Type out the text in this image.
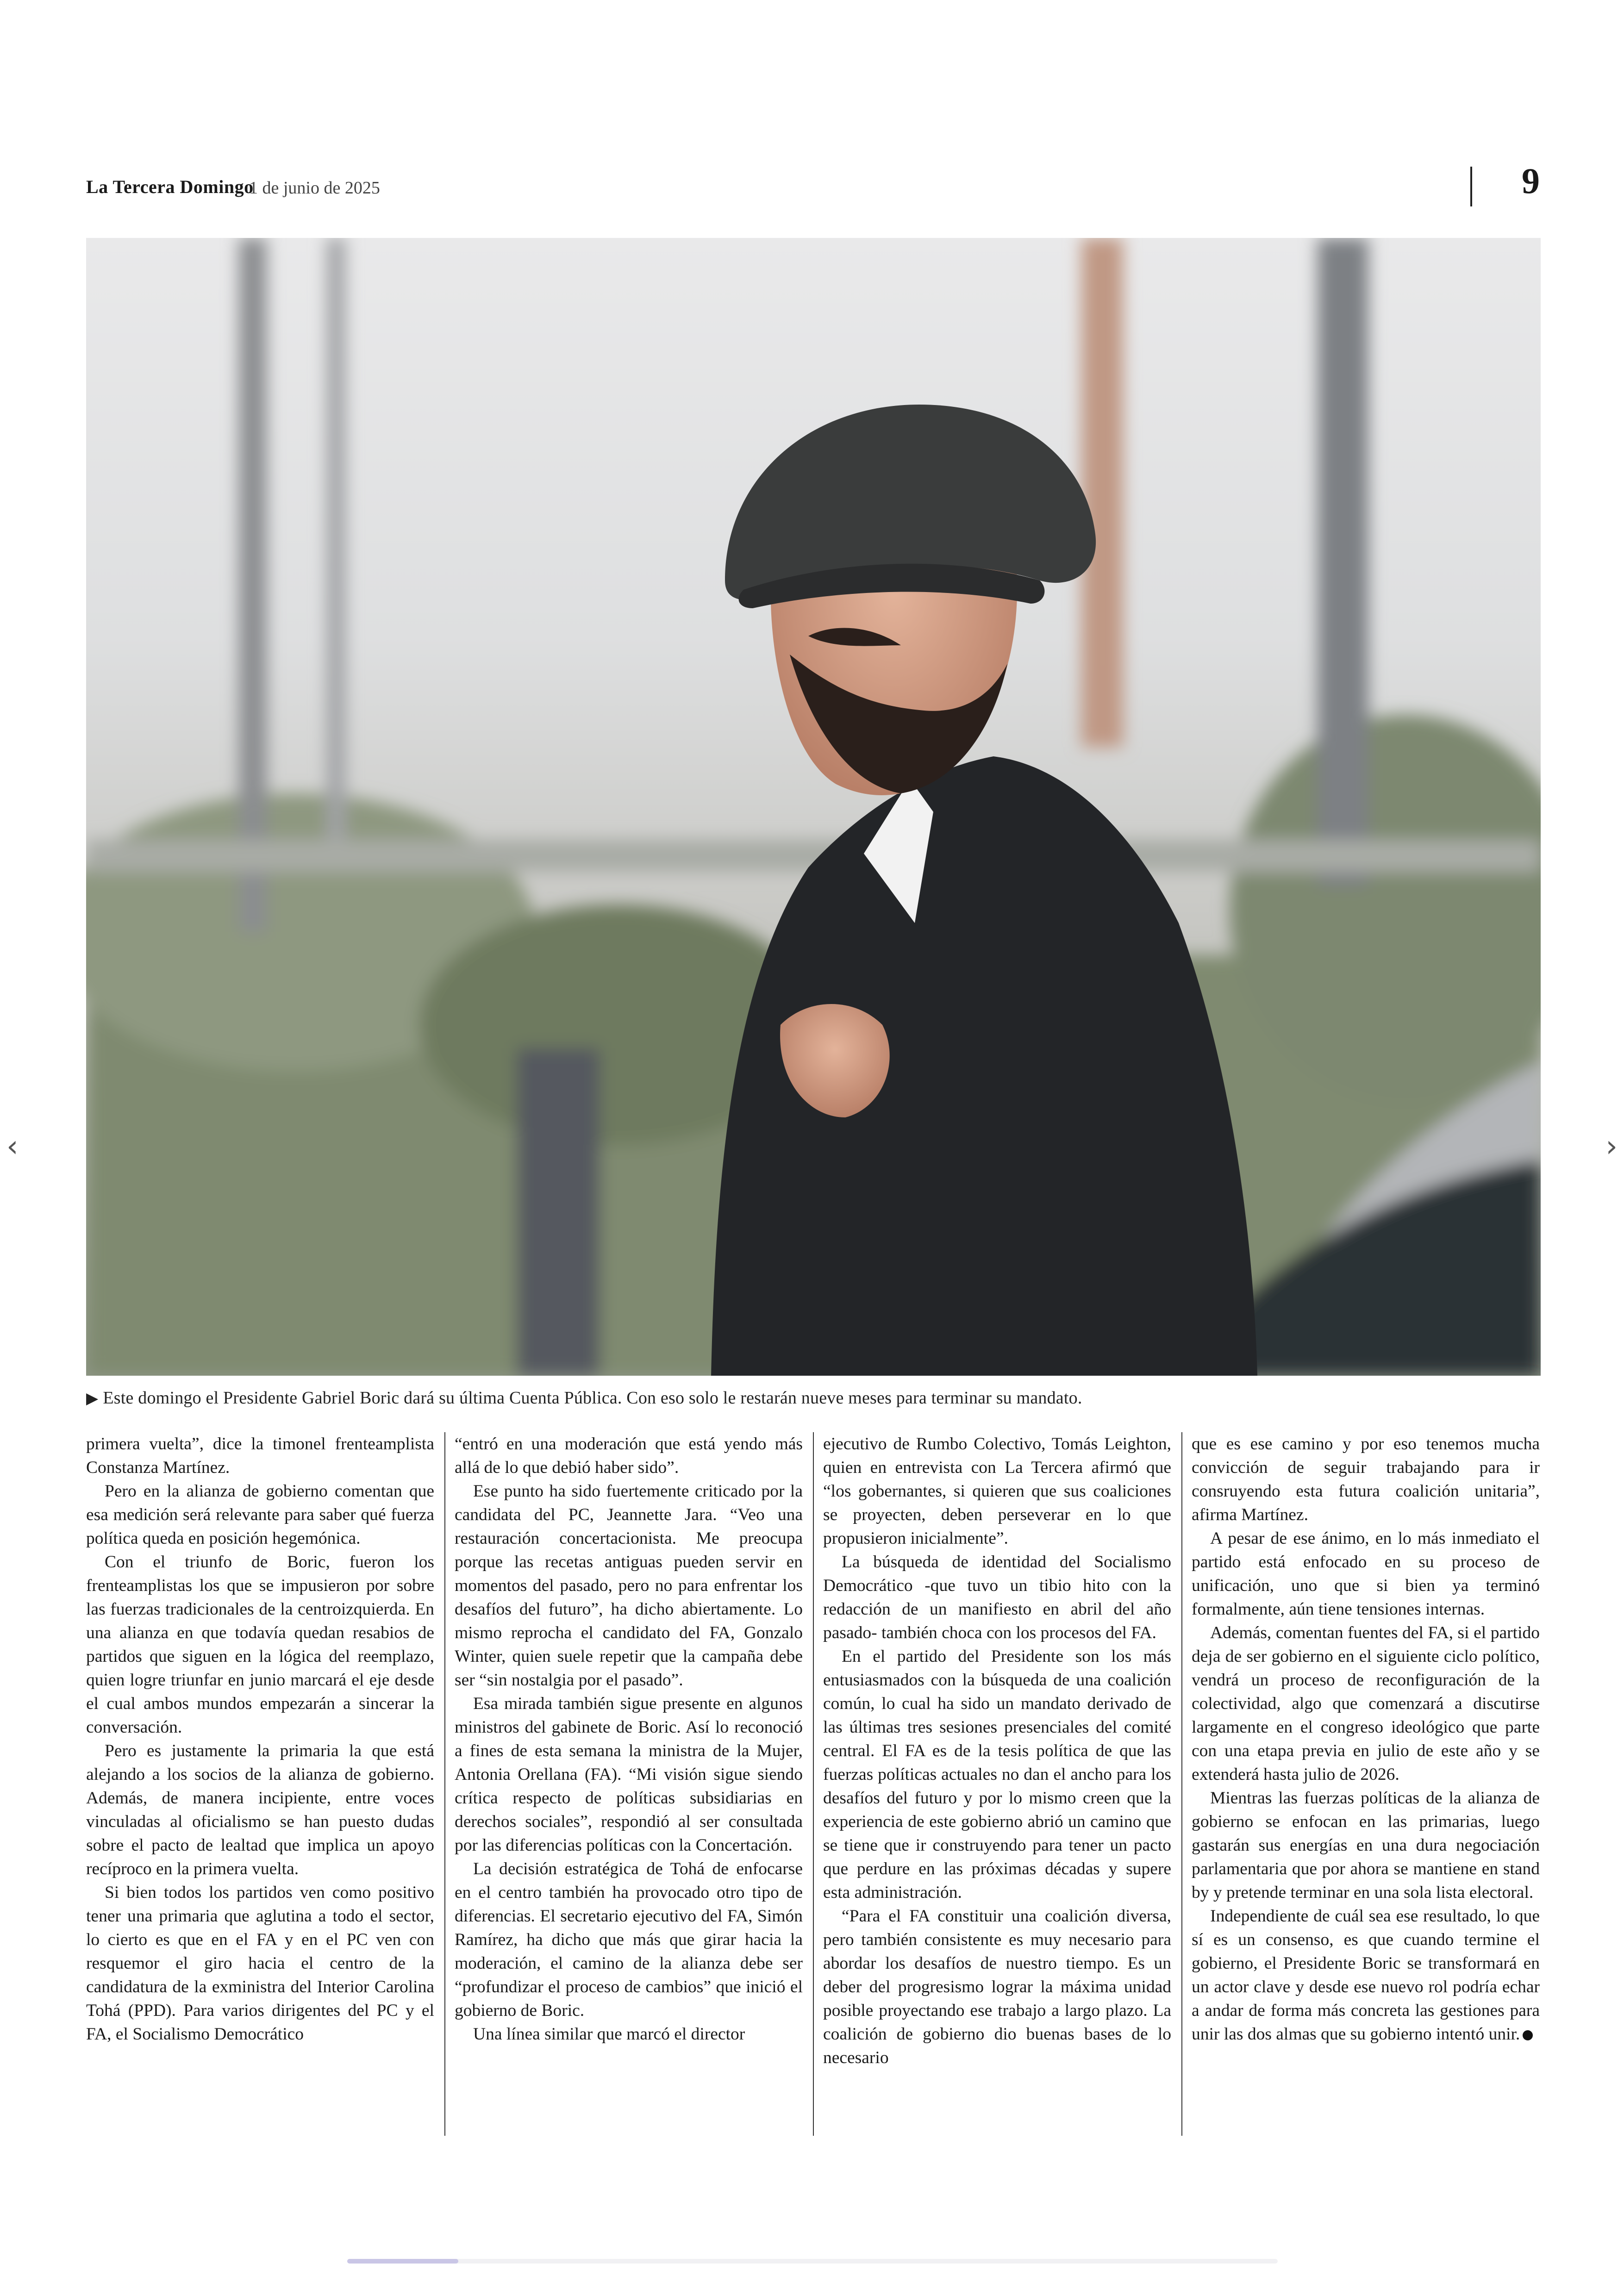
La Tercera Domingo
1 de junio de 2025	9
▶ Este domingo el Presidente Gabriel Boric dará su última Cuenta Pública. Con eso solo le restarán nueve meses para terminar su mandato.

primera vuelta”, dice la timonel frenteamplista Constanza Martínez.

Pero en la alianza de gobierno comentan que esa medición será relevante para saber qué fuerza política queda en posición hegemónica.

Con el triunfo de Boric, fueron los frenteamplistas los que se impusieron por sobre las fuerzas tradicionales de la centroizquierda. En una alianza en que todavía quedan resabios de partidos que siguen en la lógica del reemplazo, quien logre triunfar en junio marcará el eje desde el cual ambos mundos empezarán a sincerar la conversación.

Pero es justamente la primaria la que está alejando a los socios de la alianza de gobierno. Además, de manera incipiente, entre voces vinculadas al oficialismo se han puesto dudas sobre el pacto de lealtad que implica un apoyo recíproco en la primera vuelta.

Si bien todos los partidos ven como positivo tener una primaria que aglutina a todo el sector, lo cierto es que en el FA y en el PC ven con resquemor el giro hacia el centro de la candidatura de la exministra del Interior Carolina Tohá (PPD). Para varios dirigentes del PC y el FA, el Socialismo Democrático

“entró en una moderación que está yendo más allá de lo que debió haber sido”.

Ese punto ha sido fuertemente criticado por la candidata del PC, Jeannette Jara. “Veo una restauración concertacionista. Me preocupa porque las recetas antiguas pueden servir en momentos del pasado, pero no para enfrentar los desafíos del futuro”, ha dicho abiertamente. Lo mismo reprocha el candidato del FA, Gonzalo Winter, quien suele repetir que la campaña debe ser “sin nostalgia por el pasado”.

Esa mirada también sigue presente en algunos ministros del gabinete de Boric. Así lo reconoció a fines de esta semana la ministra de la Mujer, Antonia Orellana (FA). “Mi visión sigue siendo crítica respecto de políticas subsidiarias en derechos sociales”, respondió al ser consultada por las diferencias políticas con la Concertación.

La decisión estratégica de Tohá de enfocarse en el centro también ha provocado otro tipo de diferencias. El secretario ejecutivo del FA, Simón Ramírez, ha dicho que más que girar hacia la moderación, el camino de la alianza debe ser “profundizar el proceso de cambios” que inició el gobierno de Boric.

Una línea similar que marcó el director

ejecutivo de Rumbo Colectivo, Tomás Leighton, quien en entrevista con La Tercera afirmó que “los gobernantes, si quieren que sus coaliciones se proyecten, deben perseverar en lo que propusieron inicialmente”.

La búsqueda de identidad del Socialismo Democrático -que tuvo un tibio hito con la redacción de un manifiesto en abril del año pasado- también choca con los procesos del FA.

En el partido del Presidente son los más entusiasmados con la búsqueda de una coalición común, lo cual ha sido un mandato derivado de las últimas tres sesiones presenciales del comité central. El FA es de la tesis política de que las fuerzas políticas actuales no dan el ancho para los desafíos del futuro y por lo mismo creen que la experiencia de este gobierno abrió un camino que se tiene que ir construyendo para tener un pacto que perdure en las próximas décadas y supere esta administración.

“Para el FA constituir una coalición diversa, pero también consistente es muy necesario para abordar los desafíos de nuestro tiempo. Es un deber del progresismo lograr la máxima unidad posible proyectando ese trabajo a largo plazo. La coalición de gobierno dio buenas bases de lo necesario

que es ese camino y por eso tenemos mucha convicción de seguir trabajando para ir consruyendo esta futura coalición unitaria”, afirma Martínez.

A pesar de ese ánimo, en lo más inmediato el partido está enfocado en su proceso de unificación, uno que si bien ya terminó formalmente, aún tiene tensiones internas.

Además, comentan fuentes del FA, si el partido deja de ser gobierno en el siguiente ciclo político, vendrá un proceso de reconfiguración de la colectividad, algo que comenzará a discutirse largamente en el congreso ideológico que parte con una etapa previa en julio de este año y se extenderá hasta julio de 2026.

Mientras las fuerzas políticas de la alianza de gobierno se enfocan en las primarias, luego gastarán sus energías en una dura negociación parlamentaria que por ahora se mantiene en stand by y pretende terminar en una sola lista electoral.

Independiente de cuál sea ese resultado, lo que sí es un consenso, es que cuando termine el gobierno, el Presidente Boric se transformará en un actor clave y desde ese nuevo rol podría echar a andar de forma más concreta las gestiones para unir las dos almas que su gobierno intentó unir.

‹	›
